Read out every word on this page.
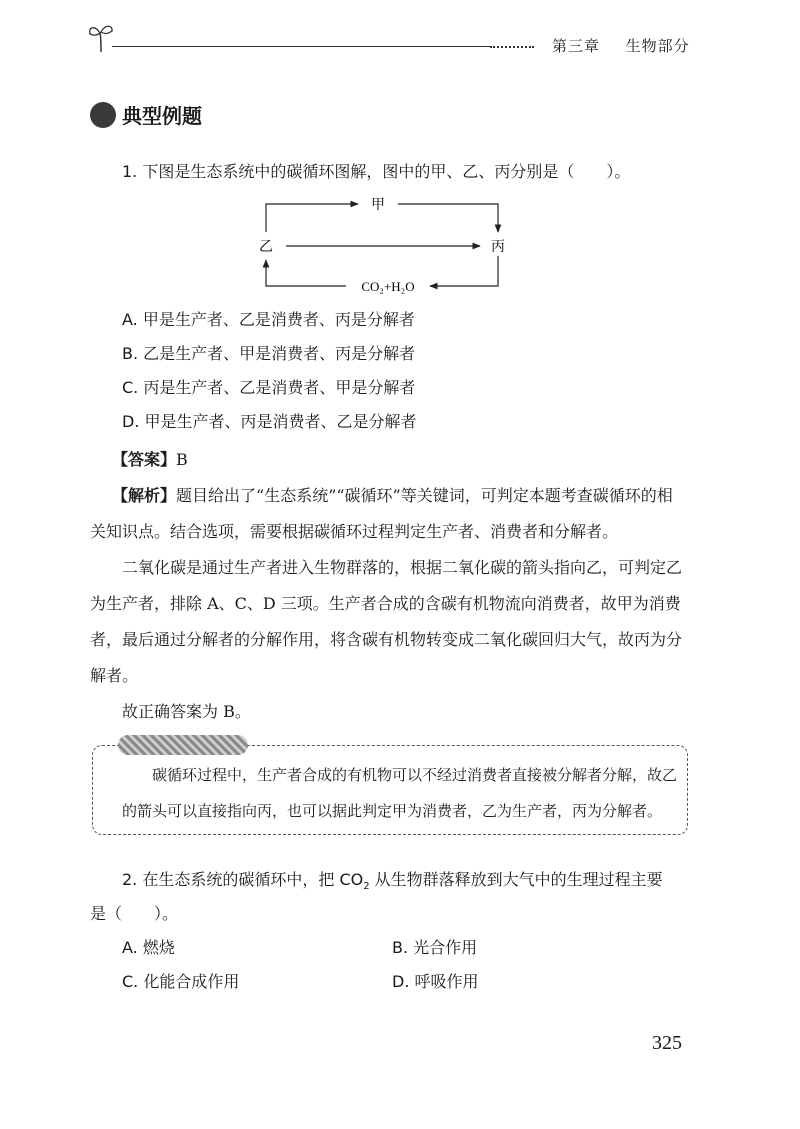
第三章 生物部分
典型例题
1. 下图是生态系统中的碳循环图解，图中的甲、乙、丙分别是（　　）。
甲
乙	丙
CO₂+H₂O
A. 甲是生产者、乙是消费者、丙是分解者
B. 乙是生产者、甲是消费者、丙是分解者
C. 丙是生产者、乙是消费者、甲是分解者
D. 甲是生产者、丙是消费者、乙是分解者
【答案】B
【解析】题目给出了“生态系统”“碳循环”等关键词，可判定本题考查碳循环的相
关知识点。结合选项，需要根据碳循环过程判定生产者、消费者和分解者。
二氧化碳是通过生产者进入生物群落的，根据二氧化碳的箭头指向乙，可判定乙
为生产者，排除 A、C、D 三项。生产者合成的含碳有机物流向消费者，故甲为消费
者，最后通过分解者的分解作用，将含碳有机物转变成二氧化碳回归大气，故丙为分
解者。
故正确答案为 B。
碳循环过程中，生产者合成的有机物可以不经过消费者直接被分解者分解，故乙
的箭头可以直接指向丙，也可以据此判定甲为消费者，乙为生产者，丙为分解者。
2. 在生态系统的碳循环中，把 $CO_2$ 从生物群落释放到大气中的生理过程主要
是（　　）。
A. 燃烧	B. 光合作用
C. 化能合成作用	D. 呼吸作用
325
